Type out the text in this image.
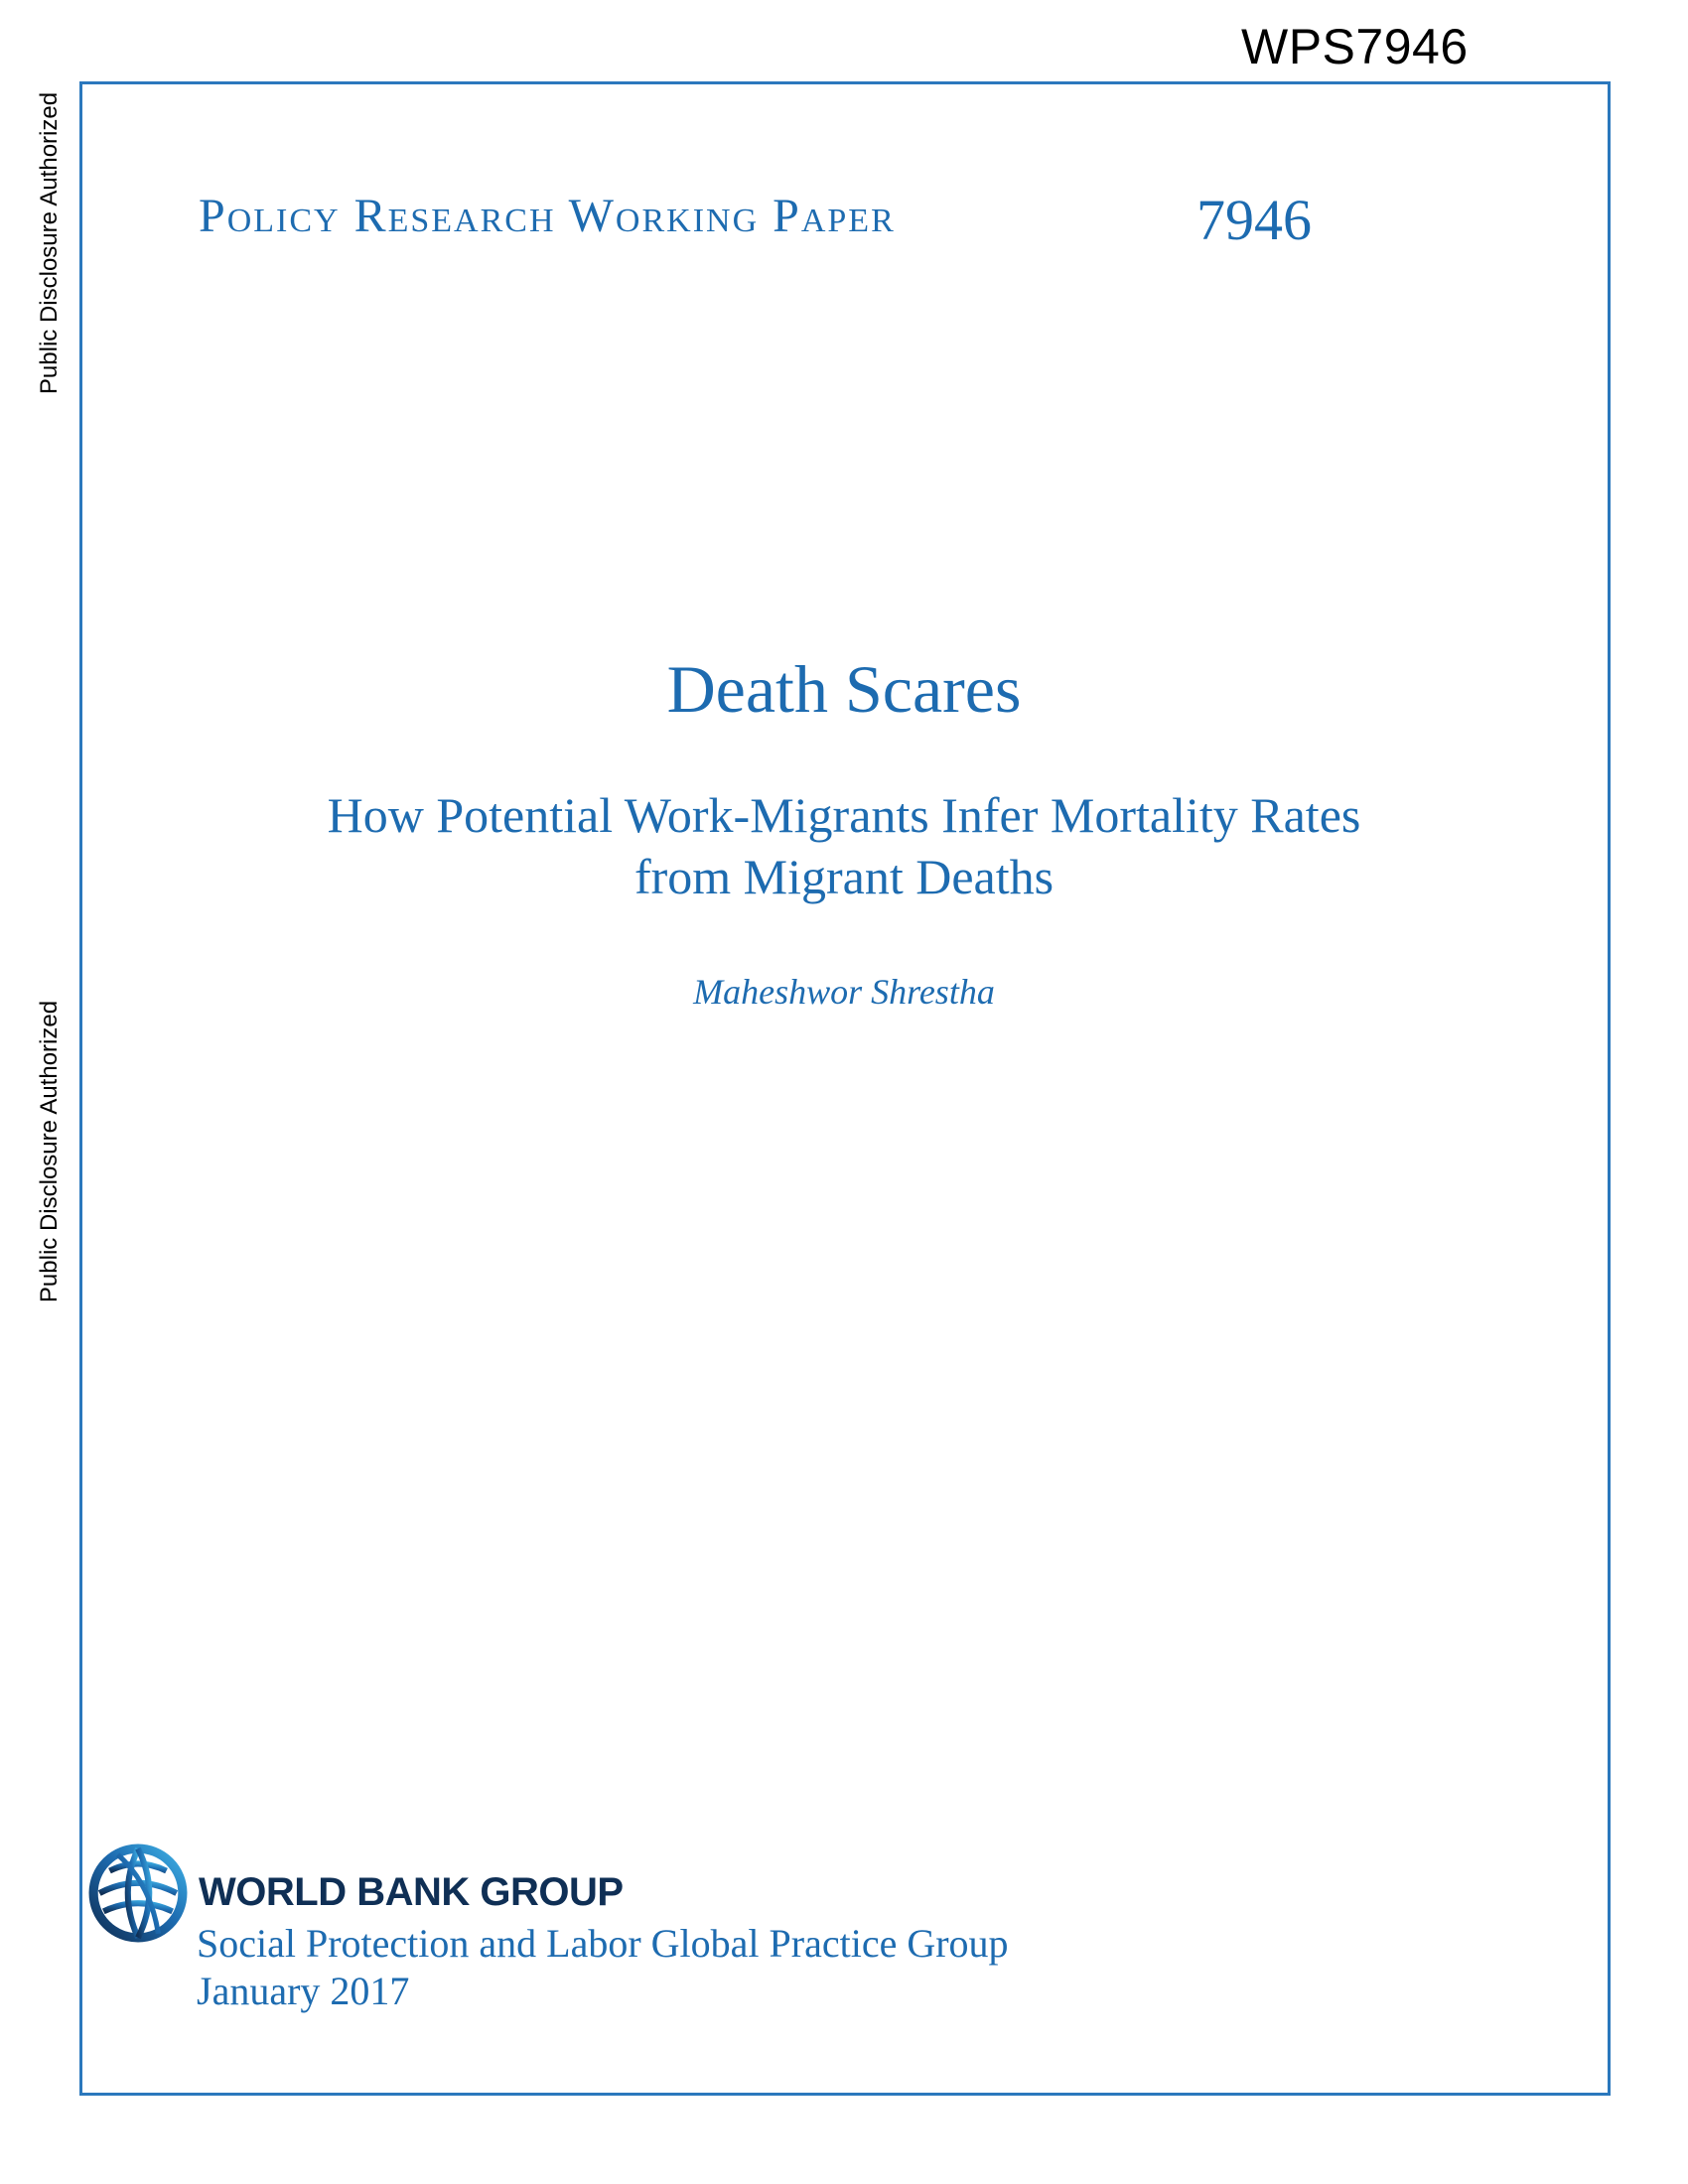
WPS7946
Public Disclosure Authorized
Public Disclosure Authorized
Policy Research Working Paper	7946
Death Scares
How Potential Work-Migrants Infer Mortality Rates
from Migrant Deaths
Maheshwor Shrestha
WORLD BANK GROUP
Social Protection and Labor Global Practice Group
January 2017
